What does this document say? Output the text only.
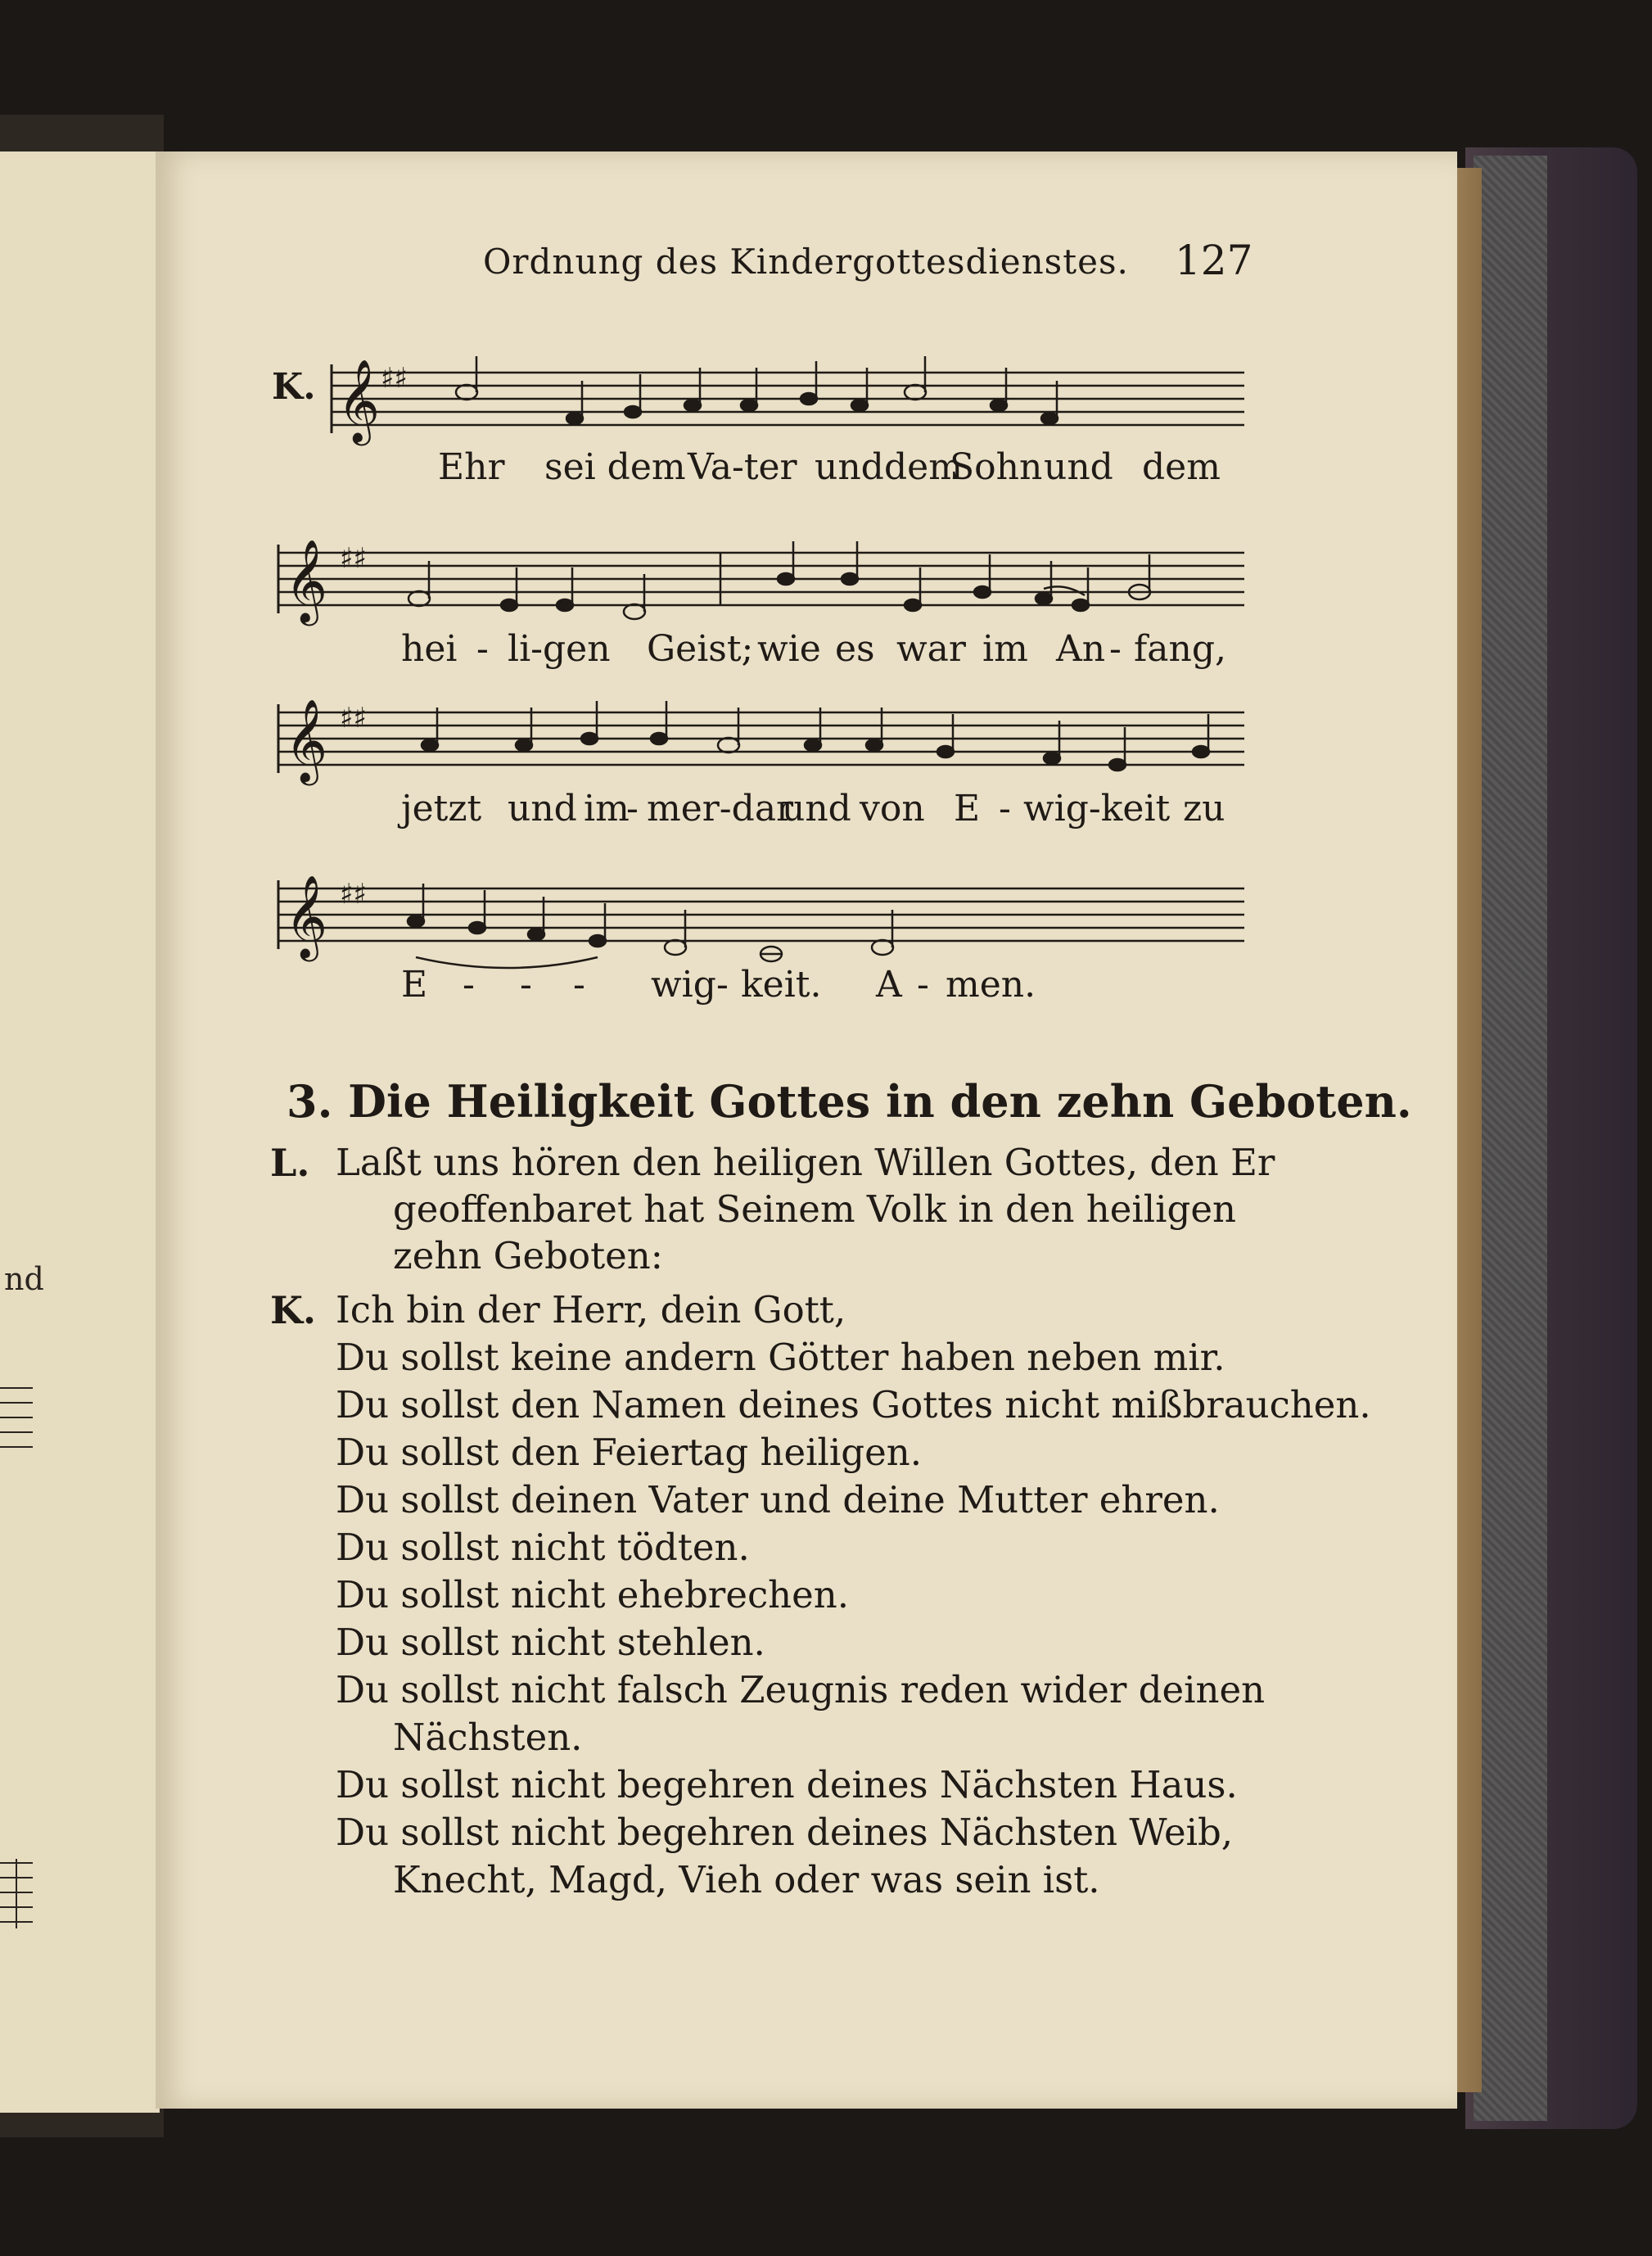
nd
Ordnung des Kindergottesdienstes. 127
K. 𝄞 ♯♯
Ehr sei dem Va-ter und dem
Sohn und dem
𝄞 ♯♯
hei - li-gen Geist; wie es war im An - fang,
𝄞 ♯♯
jetzt und im
- mer-dar
und von E - wig-keit zu
𝄞 ♯♯
E - - - wig - keit. A - men.
3. Die Heiligkeit Gottes in den zehn Geboten.
L. Laßt uns hören den heiligen Willen Gottes, den Er
geoffenbaret hat Seinem Volk in den heiligen
zehn Geboten:
K. Ich bin der Herr, dein Gott,
Du sollst keine andern Götter haben neben mir.
Du sollst den Namen deines Gottes nicht mißbrauchen.
Du sollst den Feiertag heiligen.
Du sollst deinen Vater und deine Mutter ehren.
Du sollst nicht tödten.
Du sollst nicht ehebrechen.
Du sollst nicht stehlen.
Du sollst nicht falsch Zeugnis reden wider deinen
Nächsten.
Du sollst nicht begehren deines Nächsten Haus.
Du sollst nicht begehren deines Nächsten Weib,
Knecht, Magd, Vieh oder was sein ist.
